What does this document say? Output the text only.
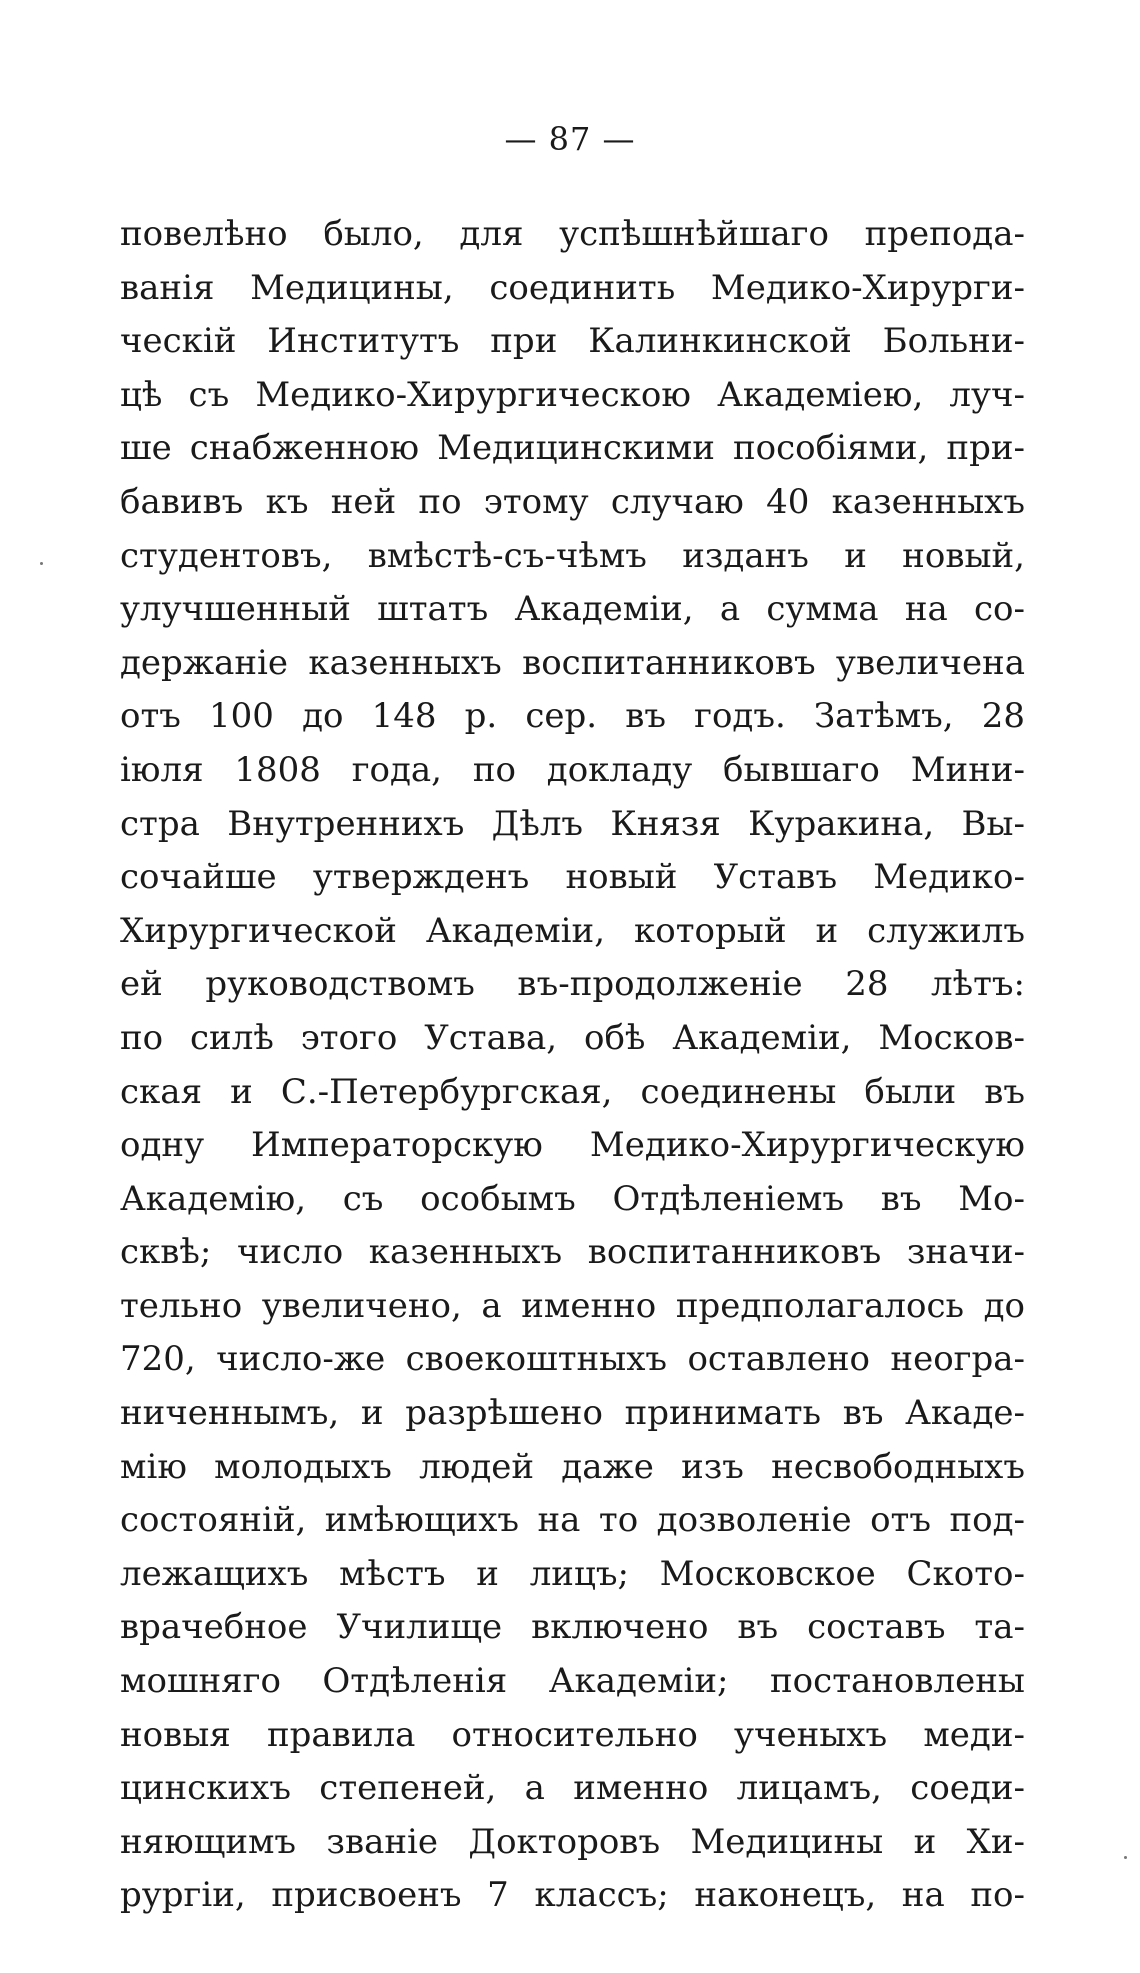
— 87 —
повелѣно было, для успѣшнѣйшаго препода-
ванія Медицины, соединить Медико-Хирурги-
ческій Институтъ при Калинкинской Больни-
цѣ съ Медико-Хирургическою Академіею, луч-
ше снабженною Медицинскими пособіями, при-
бавивъ къ ней по этому случаю 40 казенныхъ
студентовъ, вмѣстѣ-съ-чѣмъ изданъ и новый,
улучшенный штатъ Академіи, а сумма на со-
держаніе казенныхъ воспитанниковъ увеличена
отъ 100 до 148 р. сер. въ годъ. Затѣмъ, 28
іюля 1808 года, по докладу бывшаго Мини-
стра Внутреннихъ Дѣлъ Князя Куракина, Вы-
сочайше утвержденъ новый Уставъ Медико-
Хирургической Академіи, который и служилъ
ей руководствомъ въ-продолженіе 28 лѣтъ:
по силѣ этого Устава, обѣ Академіи, Москов-
ская и С.-Петербургская, соединены были въ
одну Императорскую Медико-Хирургическую
Академію, съ особымъ Отдѣленіемъ въ Мо-
сквѣ; число казенныхъ воспитанниковъ значи-
тельно увеличено, а именно предполагалось до
720, число-же своекоштныхъ оставлено неогра-
ниченнымъ, и разрѣшено принимать въ Акаде-
мію молодыхъ людей даже изъ несвободныхъ
состояній, имѣющихъ на то дозволеніе отъ под-
лежащихъ мѣстъ и лицъ; Московское Ското-
врачебное Училище включено въ составъ та-
мошняго Отдѣленія Академіи; постановлены
новыя правила относительно ученыхъ меди-
цинскихъ степеней, а именно лицамъ, соеди-
няющимъ званіе Докторовъ Медицины и Хи-
рургіи, присвоенъ 7 классъ; наконецъ, на по-
